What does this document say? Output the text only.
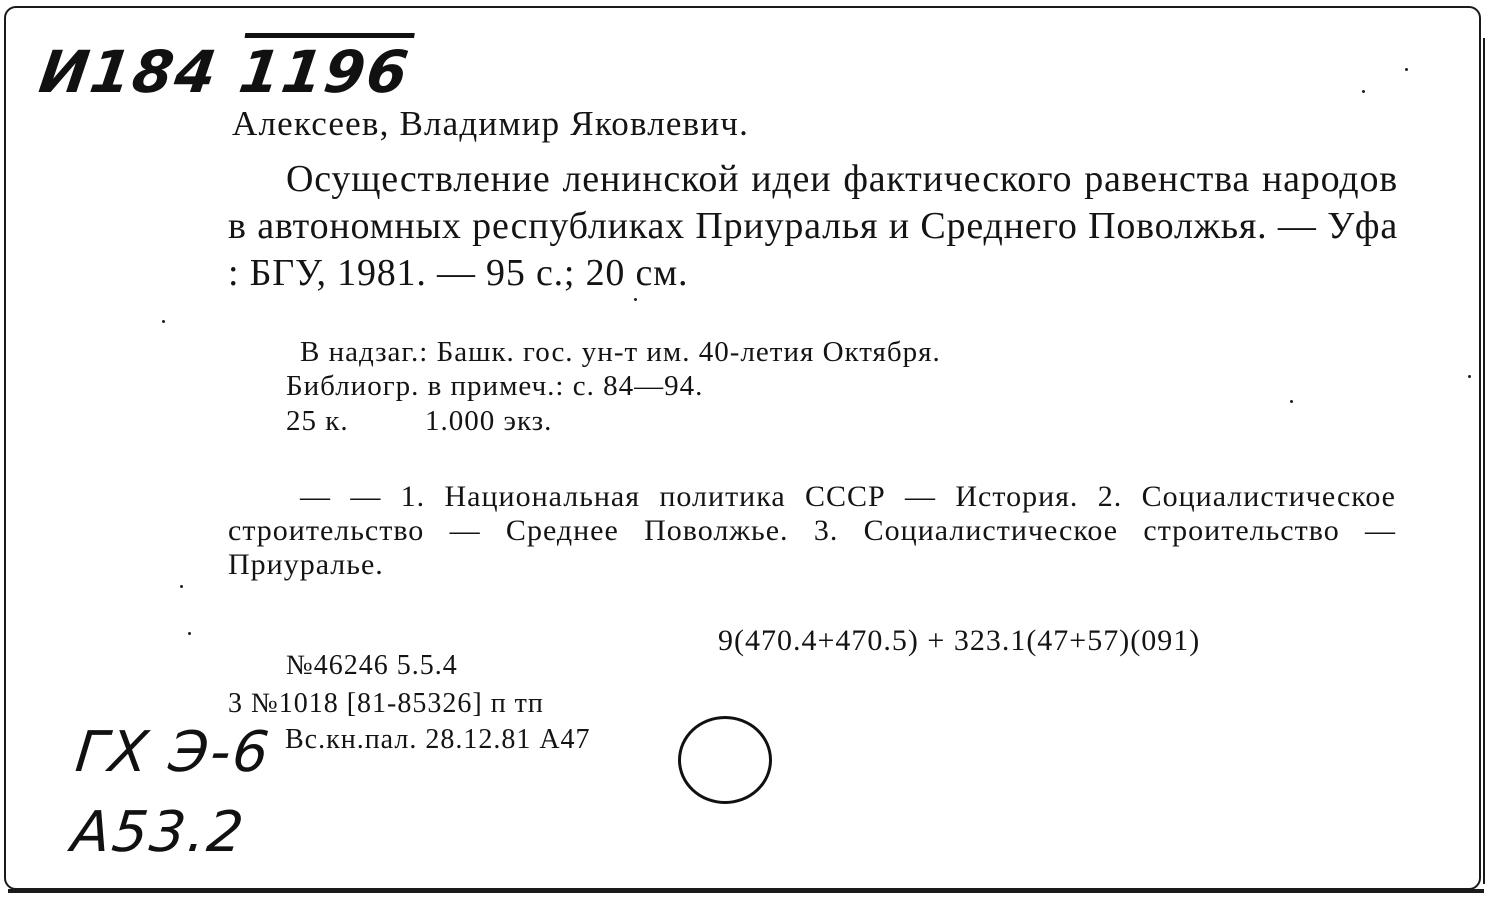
И184 1196
Алексеев, Владимир Яковлевич.
Осуществление ленинской идеи фактического равенства народов в автономных республиках Приуралья и Среднего Поволжья. — Уфа : БГУ, 1981. — 95 с.; 20 см.
В надзаг.: Башк. гос. ун-т им. 40-летия Октября.
Библиогр. в примеч.: с. 84—94.
25 к.	1.000 экз.
— — 1. Национальная политика СССР — История. 2. Социалистическое строительство — Среднее Поволжье. 3. Социалистическое строительство — Приуралье.
9(470.4+470.5) + 323.1(47+57)(091)
№46246 5.5.4
3 №1018 [81-85326] п тп
Вс.кн.пал. 28.12.81 А47
ГХ Э-6
А53.2
